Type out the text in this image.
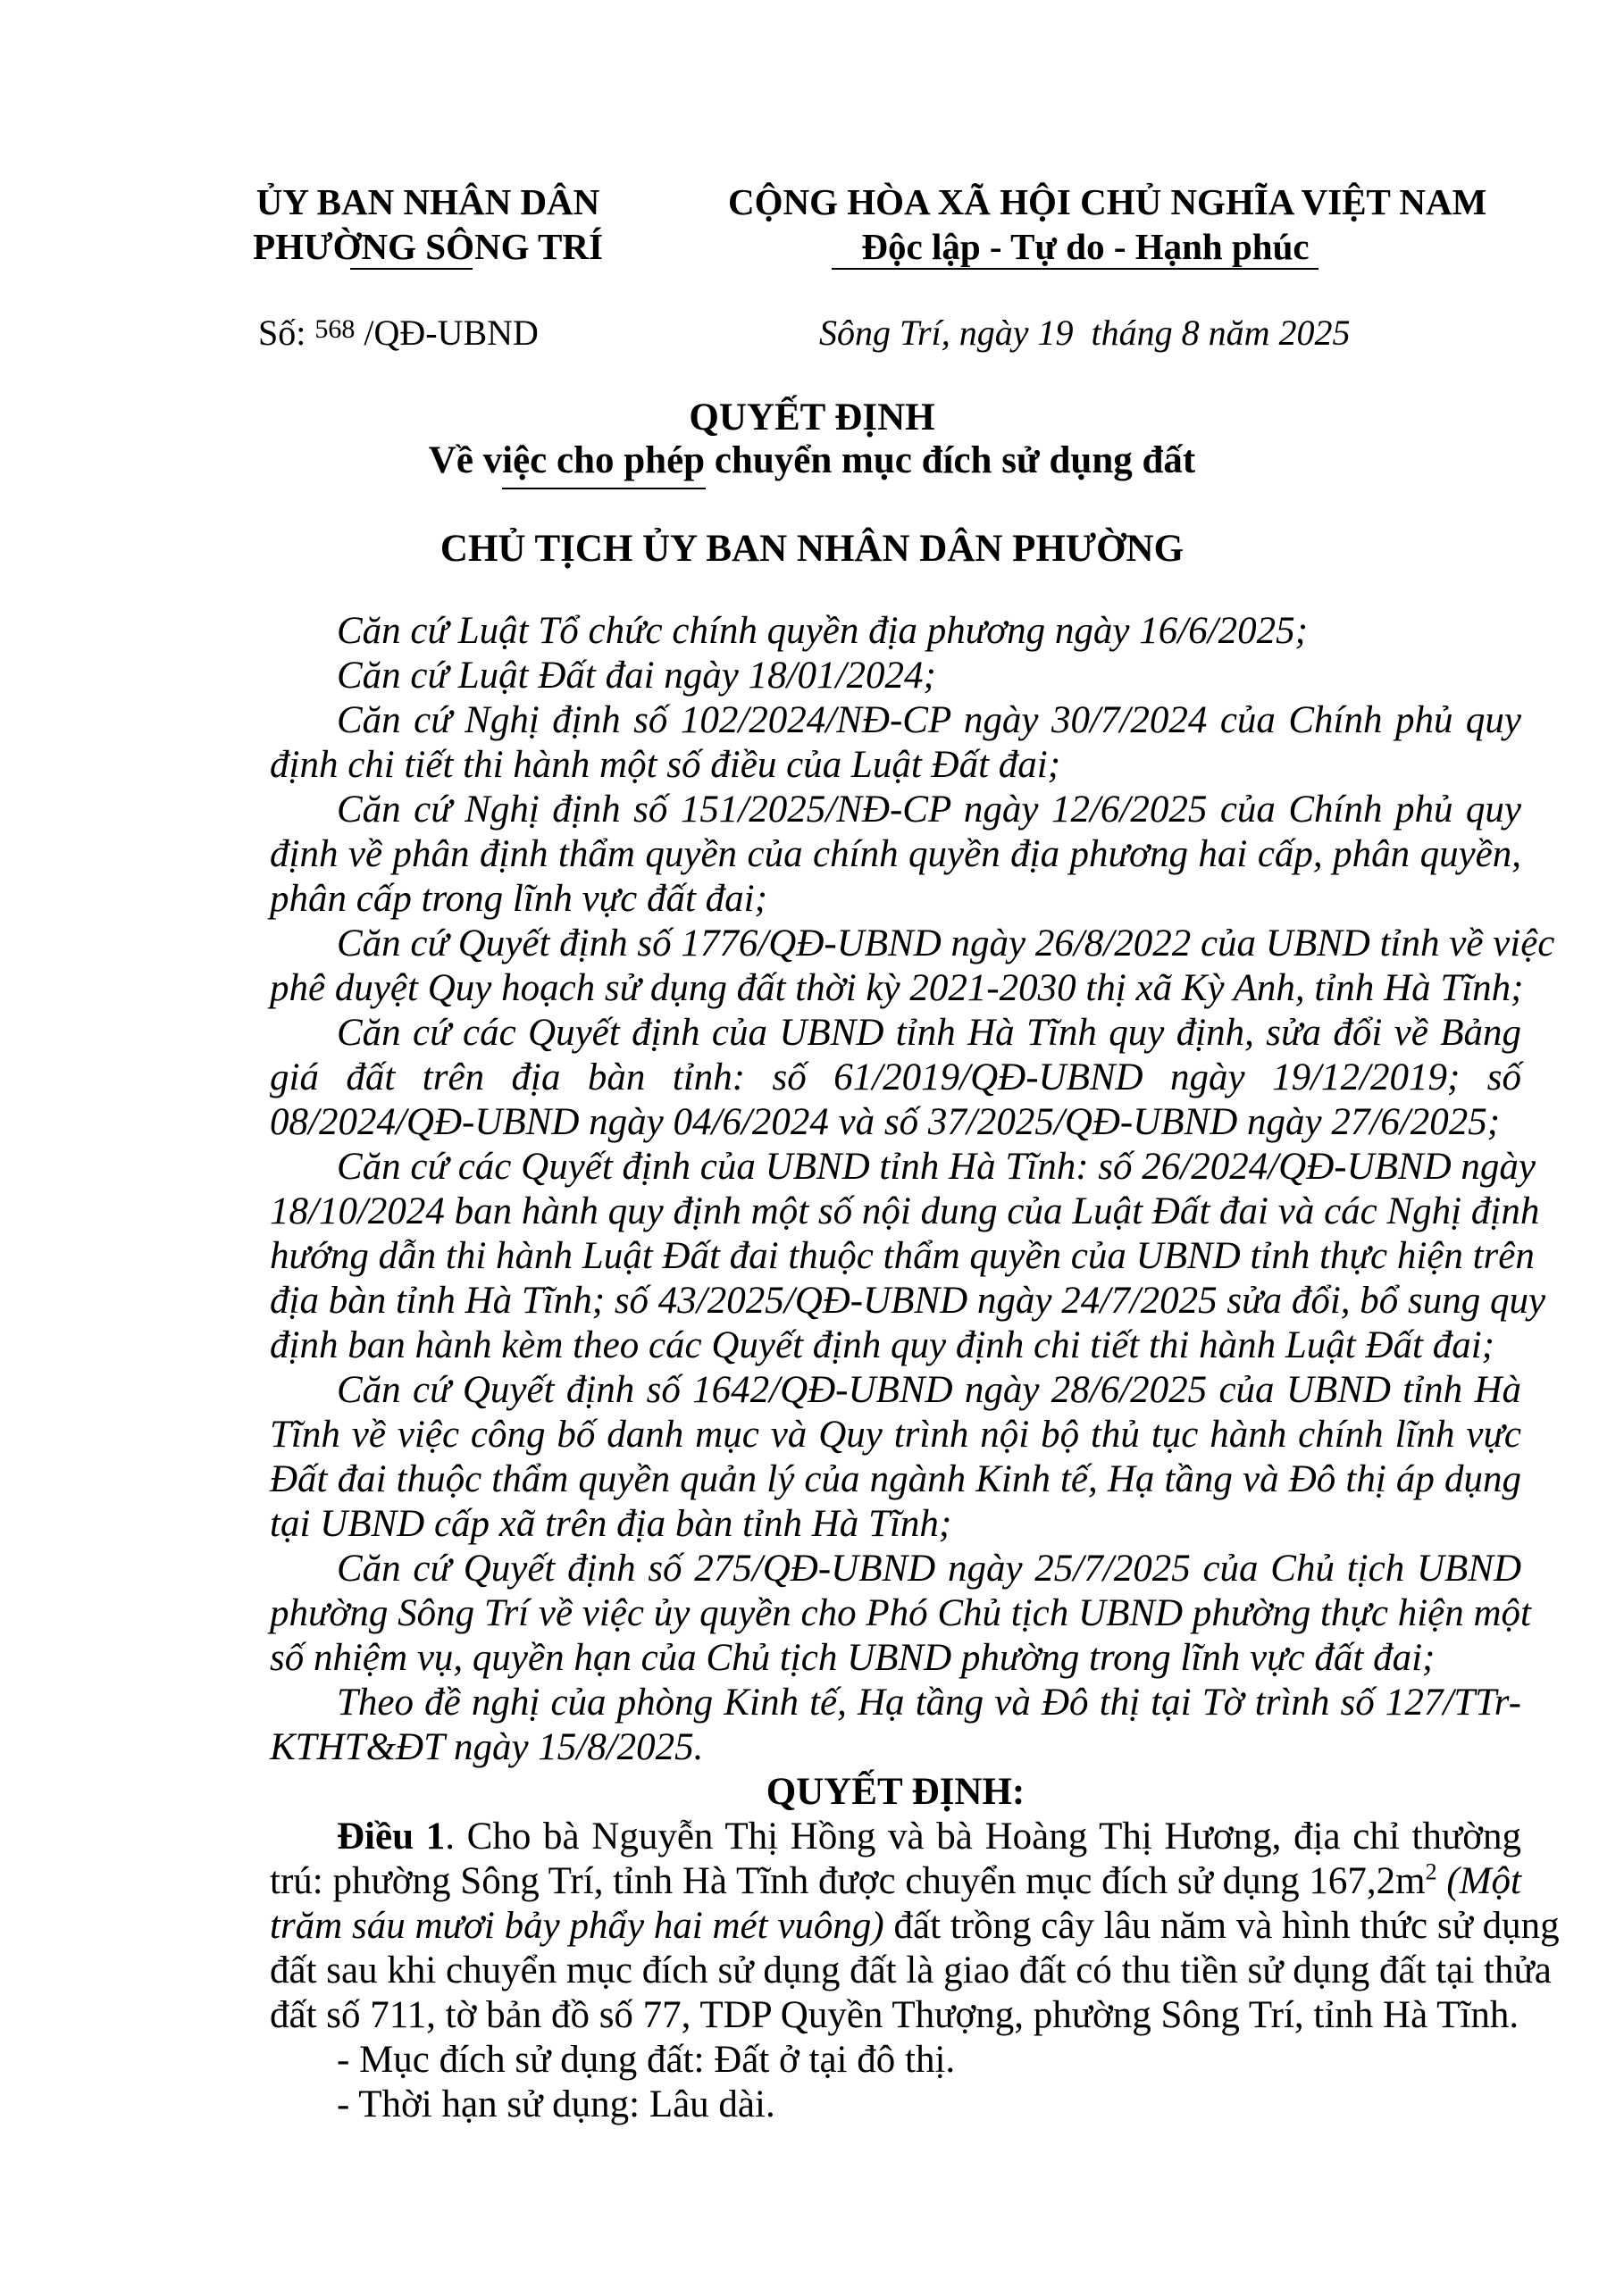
ỦY BAN NHÂN DÂN
PHƯỜNG SÔNG TRÍ
CỘNG HÒA XÃ HỘI CHỦ NGHĨA VIỆT NAM
Độc lập - Tự do - Hạnh phúc
Số: $^{568}$ /QĐ-UBND	Sông Trí, ngày 19  tháng 8 năm 2025
QUYẾT ĐỊNH
Về việc cho phép chuyển mục đích sử dụng đất
CHỦ TỊCH ỦY BAN NHÂN DÂN PHƯỜNG
Căn cứ Luật Tổ chức chính quyền địa phương ngày 16/6/2025;
Căn cứ Luật Đất đai ngày 18/01/2024;
Căn cứ Nghị định số 102/2024/NĐ-CP ngày 30/7/2024 của Chính phủ quy
định chi tiết thi hành một số điều của Luật Đất đai;
Căn cứ Nghị định số 151/2025/NĐ-CP ngày 12/6/2025 của Chính phủ quy
định về phân định thẩm quyền của chính quyền địa phương hai cấp, phân quyền,
phân cấp trong lĩnh vực đất đai;
Căn cứ Quyết định số 1776/QĐ-UBND ngày 26/8/2022 của UBND tỉnh về việc
phê duyệt Quy hoạch sử dụng đất thời kỳ 2021-2030 thị xã Kỳ Anh, tỉnh Hà Tĩnh;
Căn cứ các Quyết định của UBND tỉnh Hà Tĩnh quy định, sửa đổi về Bảng
giá đất trên địa bàn tỉnh: số 61/2019/QĐ-UBND ngày 19/12/2019; số
08/2024/QĐ-UBND ngày 04/6/2024 và số 37/2025/QĐ-UBND ngày 27/6/2025;
Căn cứ các Quyết định của UBND tỉnh Hà Tĩnh: số 26/2024/QĐ-UBND ngày
18/10/2024 ban hành quy định một số nội dung của Luật Đất đai và các Nghị định
hướng dẫn thi hành Luật Đất đai thuộc thẩm quyền của UBND tỉnh thực hiện trên
địa bàn tỉnh Hà Tĩnh; số 43/2025/QĐ-UBND ngày 24/7/2025 sửa đổi, bổ sung quy
định ban hành kèm theo các Quyết định quy định chi tiết thi hành Luật Đất đai;
Căn cứ Quyết định số 1642/QĐ-UBND ngày 28/6/2025 của UBND tỉnh Hà
Tĩnh về việc công bố danh mục và Quy trình nội bộ thủ tục hành chính lĩnh vực
Đất đai thuộc thẩm quyền quản lý của ngành Kinh tế, Hạ tầng và Đô thị áp dụng
tại UBND cấp xã trên địa bàn tỉnh Hà Tĩnh;
Căn cứ Quyết định số 275/QĐ-UBND ngày 25/7/2025 của Chủ tịch UBND
phường Sông Trí về việc ủy quyền cho Phó Chủ tịch UBND phường thực hiện một
số nhiệm vụ, quyền hạn của Chủ tịch UBND phường trong lĩnh vực đất đai;
Theo đề nghị của phòng Kinh tế, Hạ tầng và Đô thị tại Tờ trình số 127/TTr-
KTHT&ĐT ngày 15/8/2025.
QUYẾT ĐỊNH:
Điều 1. Cho bà Nguyễn Thị Hồng và bà Hoàng Thị Hương, địa chỉ thường
trú: phường Sông Trí, tỉnh Hà Tĩnh được chuyển mục đích sử dụng $167,2m^2$ (Một
trăm sáu mươi bảy phẩy hai mét vuông) đất trồng cây lâu năm và hình thức sử dụng
đất sau khi chuyển mục đích sử dụng đất là giao đất có thu tiền sử dụng đất tại thửa
đất số 711, tờ bản đồ số 77, TDP Quyền Thượng, phường Sông Trí, tỉnh Hà Tĩnh.
- Mục đích sử dụng đất: Đất ở tại đô thị.
- Thời hạn sử dụng: Lâu dài.
